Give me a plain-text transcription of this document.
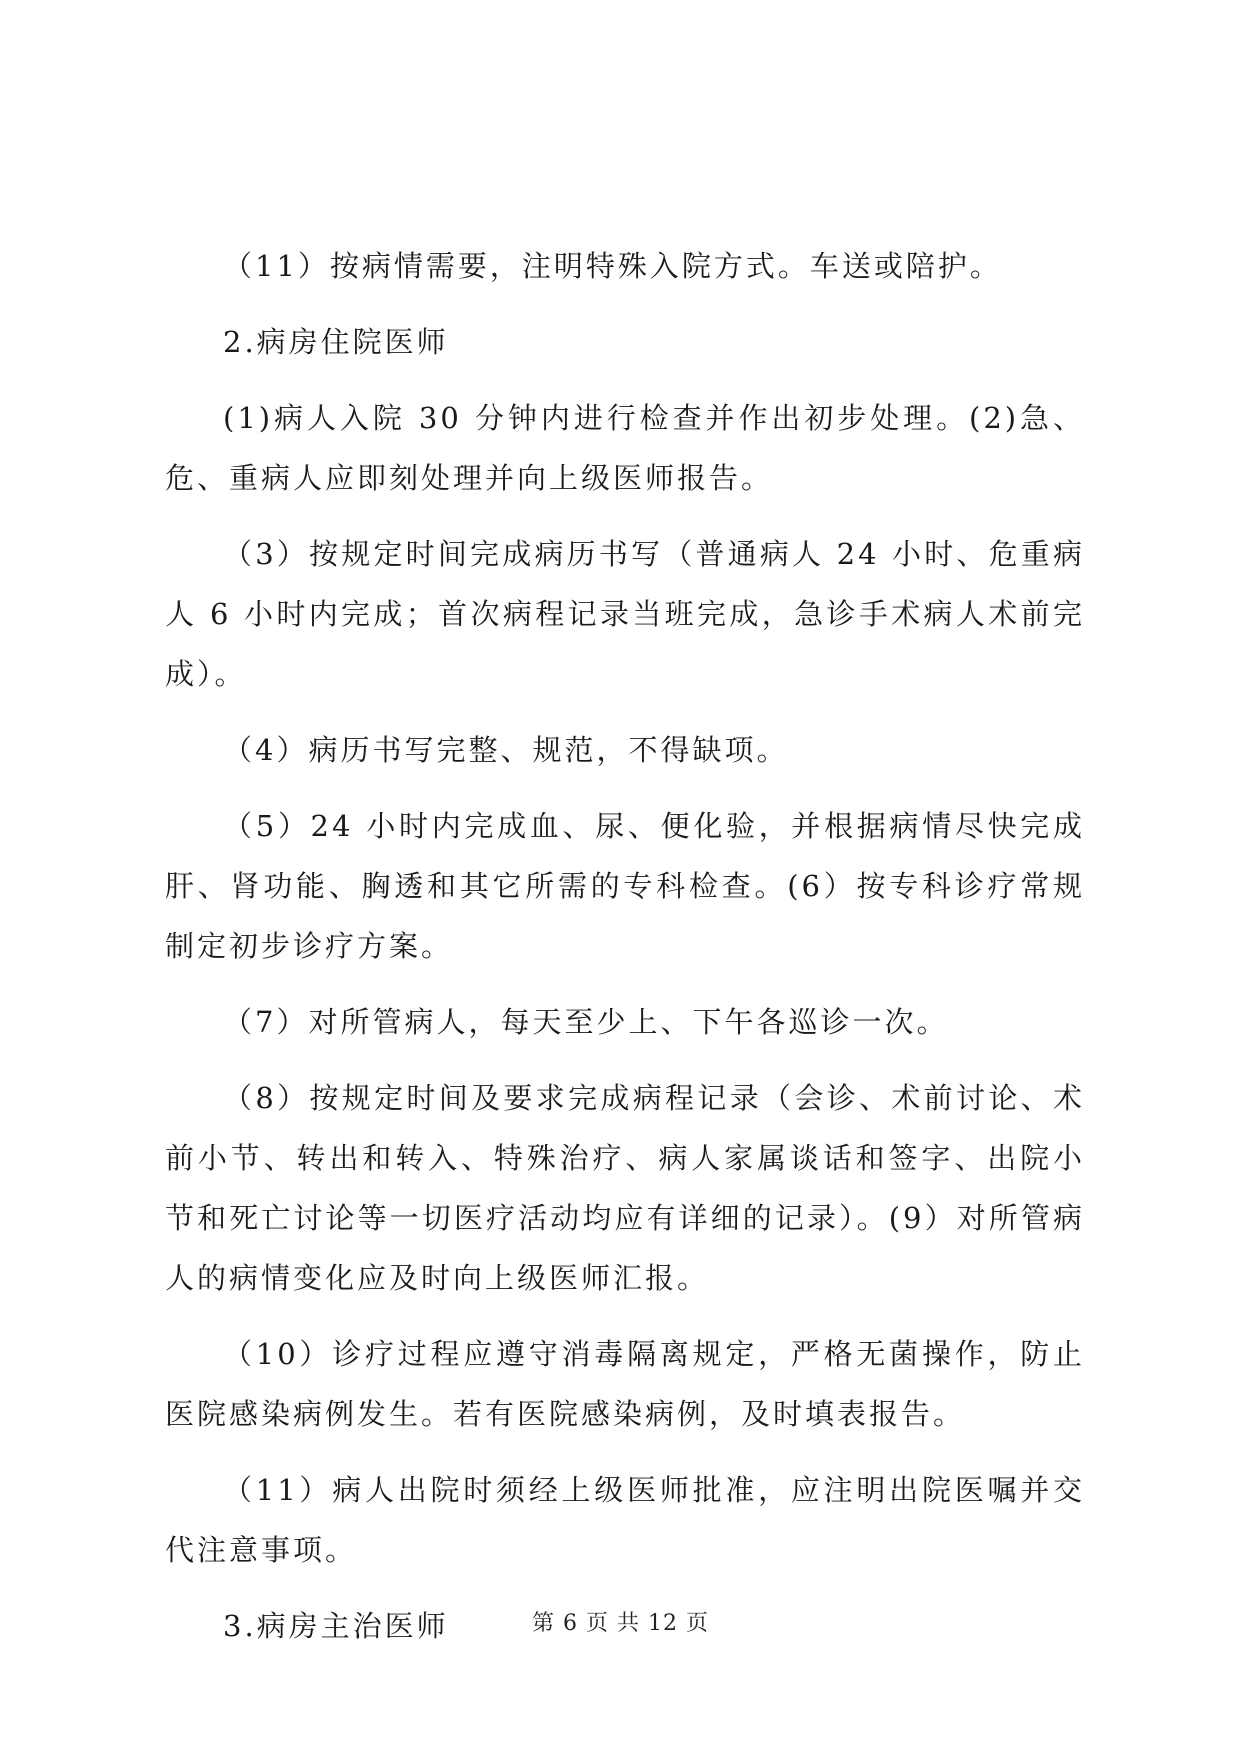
（11）按病情需要，注明特殊入院方式。车送或陪护。

2.病房住院医师

(1)病人入院 30 分钟内进行检查并作出初步处理。(2)急、危、重病人应即刻处理并向上级医师报告。

（3）按规定时间完成病历书写（普通病人 24 小时、危重病人 6 小时内完成；首次病程记录当班完成，急诊手术病人术前完成）。

（4）病历书写完整、规范，不得缺项。

（5）24 小时内完成血、尿、便化验，并根据病情尽快完成肝、肾功能、胸透和其它所需的专科检查。(6）按专科诊疗常规制定初步诊疗方案。

（7）对所管病人，每天至少上、下午各巡诊一次。

（8）按规定时间及要求完成病程记录（会诊、术前讨论、术前小节、转出和转入、特殊治疗、病人家属谈话和签字、出院小节和死亡讨论等一切医疗活动均应有详细的记录）。(9）对所管病人的病情变化应及时向上级医师汇报。

（10）诊疗过程应遵守消毒隔离规定，严格无菌操作，防止医院感染病例发生。若有医院感染病例，及时填表报告。

（11）病人出院时须经上级医师批准，应注明出院医嘱并交代注意事项。

3.病房主治医师	第 6 页 共 12 页
